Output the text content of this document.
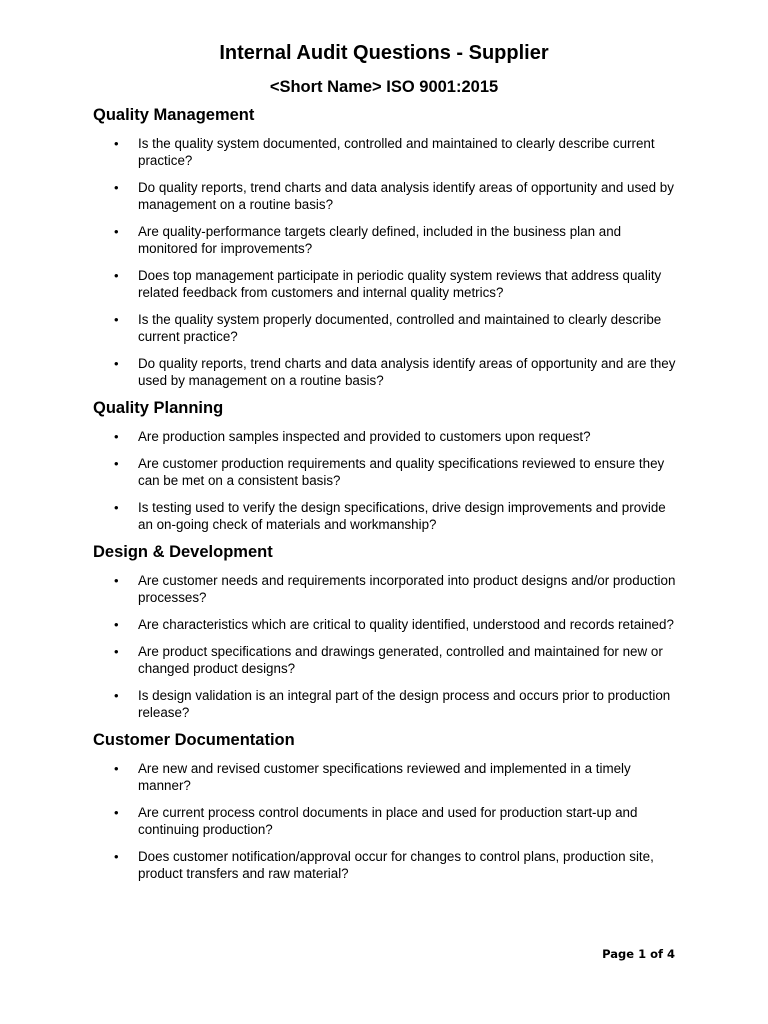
Internal Audit Questions - Supplier
<Short Name> ISO 9001:2015
Quality Management
• Is the quality system documented, controlled and maintained to clearly describe current practice?
• Do quality reports, trend charts and data analysis identify areas of opportunity and used by management on a routine basis?
• Are quality-performance targets clearly defined, included in the business plan and monitored for improvements?
• Does top management participate in periodic quality system reviews that address quality related feedback from customers and internal quality metrics?
• Is the quality system properly documented, controlled and maintained to clearly describe current practice?
• Do quality reports, trend charts and data analysis identify areas of opportunity and are they used by management on a routine basis?
Quality Planning
• Are production samples inspected and provided to customers upon request?
• Are customer production requirements and quality specifications reviewed to ensure they can be met on a consistent basis?
• Is testing used to verify the design specifications, drive design improvements and provide an on-going check of materials and workmanship?
Design & Development
• Are customer needs and requirements incorporated into product designs and/or production processes?
• Are characteristics which are critical to quality identified, understood and records retained?
• Are product specifications and drawings generated, controlled and maintained for new or changed product designs?
• Is design validation is an integral part of the design process and occurs prior to production release?
Customer Documentation
• Are new and revised customer specifications reviewed and implemented in a timely manner?
• Are current process control documents in place and used for production start-up and continuing production?
• Does customer notification/approval occur for changes to control plans, production site, product transfers and raw material?
Page 1 of 4
